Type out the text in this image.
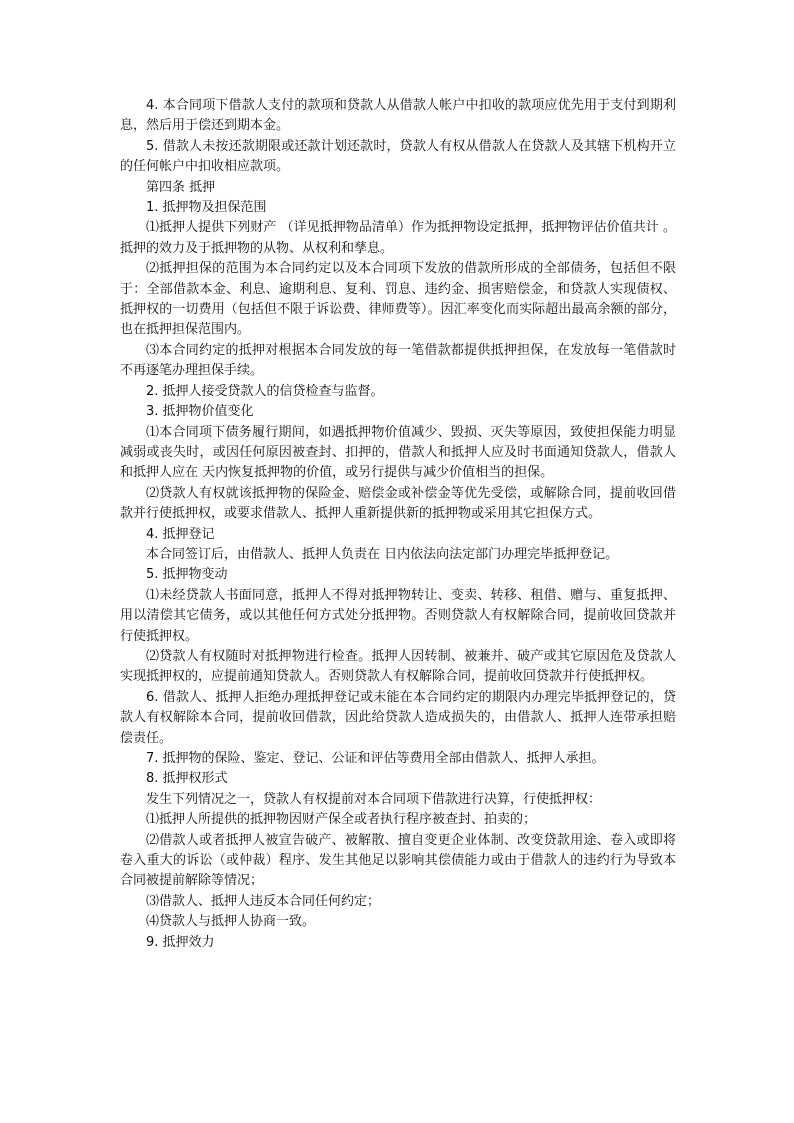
4. 本合同项下借款人支付的款项和贷款人从借款人帐户中扣收的款项应优先用于支付到期利息，然后用于偿还到期本金。

5. 借款人未按还款期限或还款计划还款时，贷款人有权从借款人在贷款人及其辖下机构开立的任何帐户中扣收相应款项。

第四条 抵押

1. 抵押物及担保范围

⑴抵押人提供下列财产 （详见抵押物品清单）作为抵押物设定抵押，抵押物评估价值共计 。抵押的效力及于抵押物的从物、从权利和孳息。

⑵抵押担保的范围为本合同约定以及本合同项下发放的借款所形成的全部债务，包括但不限于：全部借款本金、利息、逾期利息、复利、罚息、违约金、损害赔偿金，和贷款人实现债权、抵押权的一切费用（包括但不限于诉讼费、律师费等）。因汇率变化而实际超出最高余额的部分，也在抵押担保范围内。

⑶本合同约定的抵押对根据本合同发放的每一笔借款都提供抵押担保，在发放每一笔借款时不再逐笔办理担保手续。

2. 抵押人接受贷款人的信贷检查与监督。

3. 抵押物价值变化

⑴本合同项下债务履行期间，如遇抵押物价值减少、毁损、灭失等原因，致使担保能力明显减弱或丧失时，或因任何原因被查封、扣押的，借款人和抵押人应及时书面通知贷款人，借款人和抵押人应在 天内恢复抵押物的价值，或另行提供与减少价值相当的担保。

⑵贷款人有权就该抵押物的保险金、赔偿金或补偿金等优先受偿，或解除合同，提前收回借款并行使抵押权，或要求借款人、抵押人重新提供新的抵押物或采用其它担保方式。

4. 抵押登记

本合同签订后，由借款人、抵押人负责在 日内依法向法定部门办理完毕抵押登记。

5. 抵押物变动

⑴未经贷款人书面同意，抵押人不得对抵押物转让、变卖、转移、租借、赠与、重复抵押、用以清偿其它债务，或以其他任何方式处分抵押物。否则贷款人有权解除合同，提前收回贷款并行使抵押权。

⑵贷款人有权随时对抵押物进行检查。抵押人因转制、被兼并、破产或其它原因危及贷款人实现抵押权的，应提前通知贷款人。否则贷款人有权解除合同，提前收回贷款并行使抵押权。

6. 借款人、抵押人拒绝办理抵押登记或未能在本合同约定的期限内办理完毕抵押登记的，贷款人有权解除本合同，提前收回借款，因此给贷款人造成损失的，由借款人、抵押人连带承担赔偿责任。

7. 抵押物的保险、鉴定、登记、公证和评估等费用全部由借款人、抵押人承担。

8. 抵押权形式

发生下列情况之一，贷款人有权提前对本合同项下借款进行决算，行使抵押权：

⑴抵押人所提供的抵押物因财产保全或者执行程序被查封、拍卖的；

⑵借款人或者抵押人被宣告破产、被解散、擅自变更企业体制、改变贷款用途、卷入或即将卷入重大的诉讼（或仲裁）程序、发生其他足以影响其偿债能力或由于借款人的违约行为导致本合同被提前解除等情况；

⑶借款人、抵押人违反本合同任何约定；

⑷贷款人与抵押人协商一致。

9. 抵押效力
